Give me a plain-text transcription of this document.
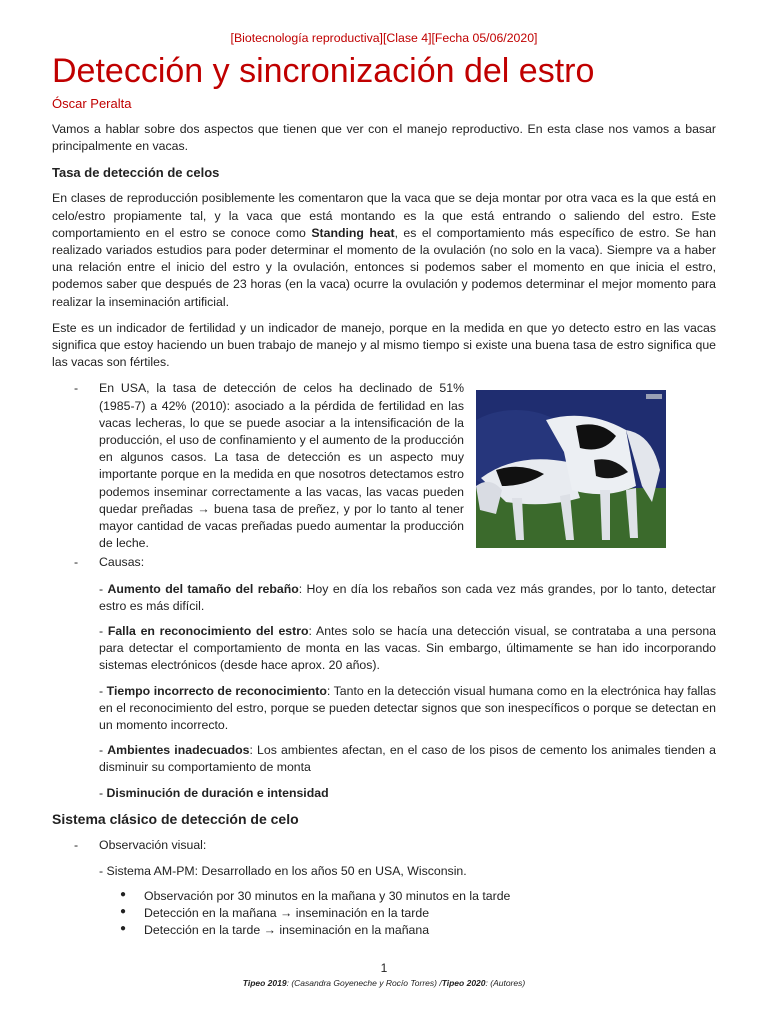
[Biotecnología reproductiva][Clase 4][Fecha 05/06/2020]
Detección y sincronización del estro
Óscar Peralta

Vamos a hablar sobre dos aspectos que tienen que ver con el manejo reproductivo. En esta clase nos vamos a basar principalmente en vacas.

Tasa de detección de celos

En clases de reproducción posiblemente les comentaron que la vaca que se deja montar por otra vaca es la que está en celo/estro propiamente tal, y la vaca que está montando es la que está entrando o saliendo del estro. Este comportamiento en el estro se conoce como Standing heat, es el comportamiento más específico de estro. Se han realizado variados estudios para poder determinar el momento de la ovulación (no solo en la vaca). Siempre va a haber una relación entre el inicio del estro y la ovulación, entonces si podemos saber el momento en que inicia el estro, podemos saber que después de 23 horas (en la vaca) ocurre la ovulación y podemos determinar el mejor momento para realizar la inseminación artificial.

Este es un indicador de fertilidad y un indicador de manejo, porque en la medida en que yo detecto estro en las vacas significa que estoy haciendo un buen trabajo de manejo y al mismo tiempo si existe una buena tasa de estro significa que las vacas son fértiles.

- En USA, la tasa de detección de celos ha declinado de 51% (1985-7) a 42% (2010): asociado a la pérdida de fertilidad en las vacas lecheras, lo que se puede asociar a la intensificación de la producción, el uso de confinamiento y el aumento de la producción en algunos casos. La tasa de detección es un aspecto muy importante porque en la medida en que nosotros detectamos estro podemos inseminar correctamente a las vacas, las vacas pueden quedar preñadas → buena tasa de preñez, y por lo tanto al tener mayor cantidad de vacas preñadas puedo aumentar la producción de leche.

- Causas:

- Aumento del tamaño del rebaño: Hoy en día los rebaños son cada vez más grandes, por lo tanto, detectar estro es más difícil.

- Falla en reconocimiento del estro: Antes solo se hacía una detección visual, se contrataba a una persona para detectar el comportamiento de monta en las vacas. Sin embargo, últimamente se han ido incorporando sistemas electrónicos (desde hace aprox. 20 años).

- Tiempo incorrecto de reconocimiento: Tanto en la detección visual humana como en la electrónica hay fallas en el reconocimiento del estro, porque se pueden detectar signos que son inespecíficos o porque se detectan en un momento incorrecto.

- Ambientes inadecuados: Los ambientes afectan, en el caso de los pisos de cemento los animales tienden a disminuir su comportamiento de monta

- Disminución de duración e intensidad

Sistema clásico de detección de celo
- Observación visual:

- Sistema AM-PM: Desarrollado en los años 50 en USA, Wisconsin.

● Observación por 30 minutos en la mañana y 30 minutos en la tarde
● Detección en la mañana → inseminación en la tarde
● Detección en la tarde → inseminación en la mañana
1
Tipeo 2019: (Casandra Goyeneche y Rocío Torres) /Tipeo 2020: (Autores)
